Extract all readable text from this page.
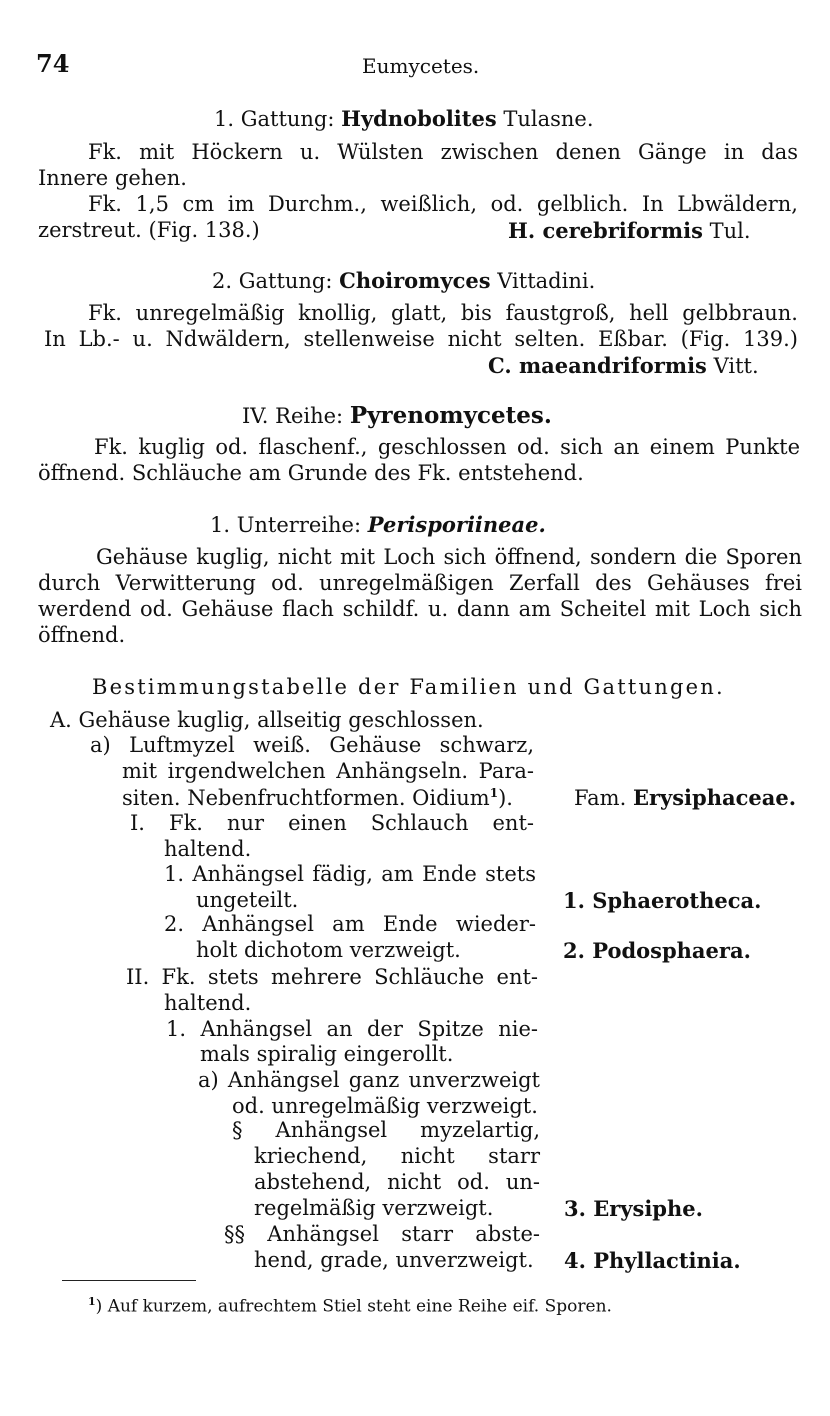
74	Eumycetes.
1. Gattung: Hydnobolites Tulasne.
Fk. mit Höckern u. Wülsten zwischen denen Gänge in das
Innere gehen.
Fk. 1,5 cm im Durchm., weißlich, od. gelblich. In Lbwäldern,
zerstreut. (Fig. 138.)	H. cerebriformis Tul.
2. Gattung: Choiromyces Vittadini.
Fk. unregelmäßig knollig, glatt, bis faustgroß, hell gelbbraun.
In Lb.- u. Ndwäldern, stellenweise nicht selten. Eßbar. (Fig. 139.)
C. maeandriformis Vitt.
IV. Reihe: Pyrenomycetes.
Fk. kuglig od. flaschenf., geschlossen od. sich an einem Punkte
öffnend. Schläuche am Grunde des Fk. entstehend.
1. Unterreihe: Perisporiineae.
Gehäuse kuglig, nicht mit Loch sich öffnend, sondern die Sporen
durch Verwitterung od. unregelmäßigen Zerfall des Gehäuses frei
werdend od. Gehäuse flach schildf. u. dann am Scheitel mit Loch sich
öffnend.
Bestimmungstabelle der Familien und Gattungen.
A. Gehäuse kuglig, allseitig geschlossen.
a) Luftmyzel weiß. Gehäuse schwarz,
mit irgendwelchen Anhängseln. Para-
siten. Nebenfruchtformen. Oidium$^1$).	Fam. Erysiphaceae.
I. Fk. nur einen Schlauch ent-
haltend.
1. Anhängsel fädig, am Ende stets
ungeteilt.	1. Sphaerotheca.
2. Anhängsel am Ende wieder-
holt dichotom verzweigt.	2. Podosphaera.
II. Fk. stets mehrere Schläuche ent-
haltend.
1. Anhängsel an der Spitze nie-
mals spiralig eingerollt.
a) Anhängsel ganz unverzweigt
od. unregelmäßig verzweigt.
§ Anhängsel myzelartig,
kriechend, nicht starr
abstehend, nicht od. un-
regelmäßig verzweigt.	3. Erysiphe.
§§ Anhängsel starr abste-
hend, grade, unverzweigt. 4. Phyllactinia.
$^1$) Auf kurzem, aufrechtem Stiel steht eine Reihe eif. Sporen.
